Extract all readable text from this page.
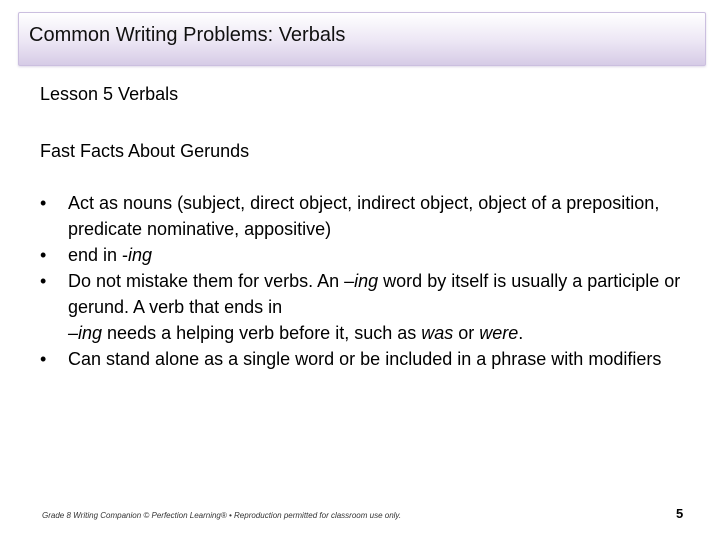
Common Writing Problems: Verbals
Lesson 5 Verbals
Fast Facts About Gerunds
• Act as nouns (subject, direct object, indirect object, object of a preposition, predicate nominative, appositive)
• end in -ing
• Do not mistake them for verbs. An –ing word by itself is usually a participle or gerund. A verb that ends in
–ing needs a helping verb before it, such as was or were.
• Can stand alone as a single word or be included in a phrase with modifiers
Grade 8 Writing Companion © Perfection Learning® • Reproduction permitted for classroom use only.	5
